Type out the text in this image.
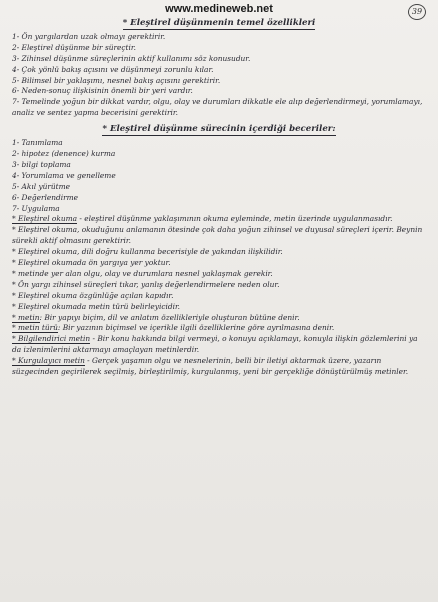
www.medineweb.net	39
* Eleştirel düşünmenin temel özellikleri
1- Ön yargılardan uzak olmayı gerektirir.
2- Eleştirel düşünme bir süreçtir.
3- Zihinsel düşünme süreçlerinin aktif kullanımı söz konusudur.
4- Çok yönlü bakış açısını ve düşünmeyi zorunlu kılar.
5- Bilimsel bir yaklaşımı, nesnel bakış açısını gerektirir.
6- Neden-sonuç ilişkisinin önemli bir yeri vardır.
7- Temelinde yoğun bir dikkat vardır, olgu, olay ve durumları dikkatle ele alıp değerlendirmeyi, yorumlamayı, analiz ve sentez yapma becerisini gerektirir.
* Eleştirel düşünme sürecinin içerdiği beceriler:
1- Tanımlama
2- hipotez (denence) kurma
3- bilgi toplama
4- Yorumlama ve genelleme
5- Akıl yürütme
6- Değerlendirme
7- Uygulama
* Eleştirel okuma - eleştirel düşünme yaklaşımının okuma eyleminde, metin üzerinde uygulanmasıdır.
* Eleştirel okuma, okuduğunu anlamanın ötesinde çok daha yoğun zihinsel ve duyusal süreçleri içerir. Beynin sürekli aktif olmasını gerektirir.
* Eleştirel okuma, dili doğru kullanma becerisiyle de yakından ilişkilidir.
* Eleştirel okumada ön yargıya yer yoktur.
* metinde yer alan olgu, olay ve durumlara nesnel yaklaşmak gerekir.
* Ön yargı zihinsel süreçleri tıkar, yanlış değerlendirmelere neden olur.
* Eleştirel okuma özgünlüğe açılan kapıdır.
* Eleştirel okumada metin türü belirleyicidir.
* metin: Bir yapıyı biçim, dil ve anlatım özellikleriyle oluşturan bütüne denir.
* metin türü: Bir yazının biçimsel ve içerikle ilgili özelliklerine göre ayrılmasına denir.
* Bilgilendirici metin - Bir konu hakkında bilgi vermeyi, o konuyu açıklamayı, konuyla ilişkin gözlemlerini ya da izlenimlerini aktarmayı amaçlayan metinlerdir.
* Kurgulayıcı metin - Gerçek yaşamın olgu ve nesnelerinin, belli bir iletiyi aktarmak üzere, yazarın süzgecinden geçirilerek seçilmiş, birleştirilmiş, kurgulanmış, yeni bir gerçekliğe dönüştürülmüş metinler.
